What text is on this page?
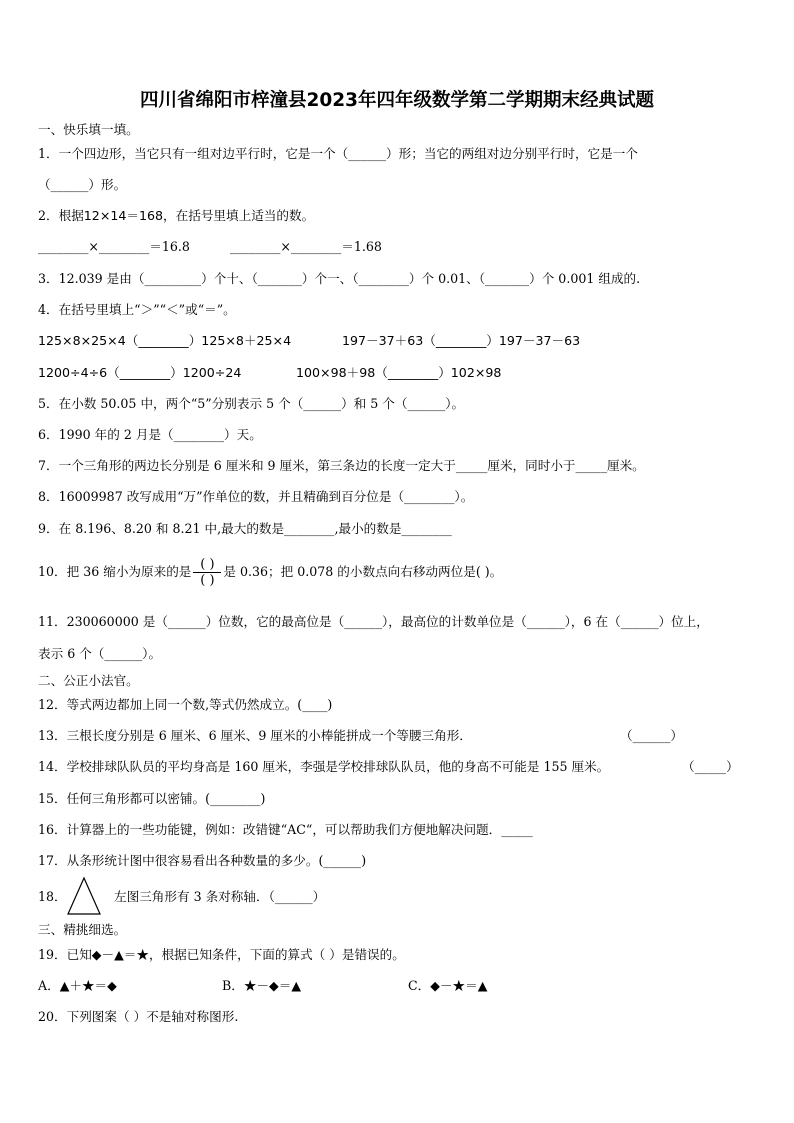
四川省绵阳市梓潼县2023年四年级数学第二学期期末经典试题
一、快乐填一填。
1．一个四边形，当它只有一组对边平行时，它是一个（______）形；当它的两组对边分别平行时，它是一个
（______）形。
2．根据12×14＝168，在括号里填上适当的数。
________×________＝16.8          ________×________＝1.68
3．12.039 是由（_________）个十、（_______）个一、（________）个 0.01、（_______）个 0.001 组成的.
4．在括号里填上“＞”“＜”或“＝”。
125×8×25×4（________）125×8＋25×4	197－37＋63（________）197－37－63
1200÷4÷6（________）1200÷24	100×98＋98（________）102×98
5．在小数 50.05 中，两个“5”分别表示 5 个（______）和 5 个（______）。
6．1990 年的 2 月是（________）天。
7．一个三角形的两边长分别是 6 厘米和 9 厘米，第三条边的长度一定大于_____厘米，同时小于_____厘米。
8．16009987 改写成用“万”作单位的数，并且精确到百分位是（________）。
9．在 8.196、8.20 和 8.21 中,最大的数是________,最小的数是________
10．把 36 缩小为原来的是 $\frac{( )}{( )}$ 是 0.36；把 0.078 的小数点向右移动两位是( )。
11．230060000 是（______）位数，它的最高位是（______），最高位的计数单位是（______），6 在（______）位上，
表示 6 个（______）。
二、公正小法官。
12．等式两边都加上同一个数,等式仍然成立。(____)
13．三根长度分别是 6 厘米、6 厘米、9 厘米的小棒能拼成一个等腰三角形．	（______）
14．学校排球队队员的平均身高是 160 厘米，李强是学校排球队队员，他的身高不可能是 155 厘米。	（_____）
15．任何三角形都可以密铺。(________)
16．计算器上的一些功能键，例如：改错键“AC“，可以帮助我们方便地解决问题．_____
17．从条形统计图中很容易看出各种数量的多少。(______)
18．	左图三角形有 3 条对称轴．（______）
三、精挑细选。
19．已知◆－▲＝★，根据已知条件，下面的算式（ ）是错误的。
A．▲＋★＝◆	B．★－◆＝▲	C．◆－★＝▲
20．下列图案（ ）不是轴对称图形.
